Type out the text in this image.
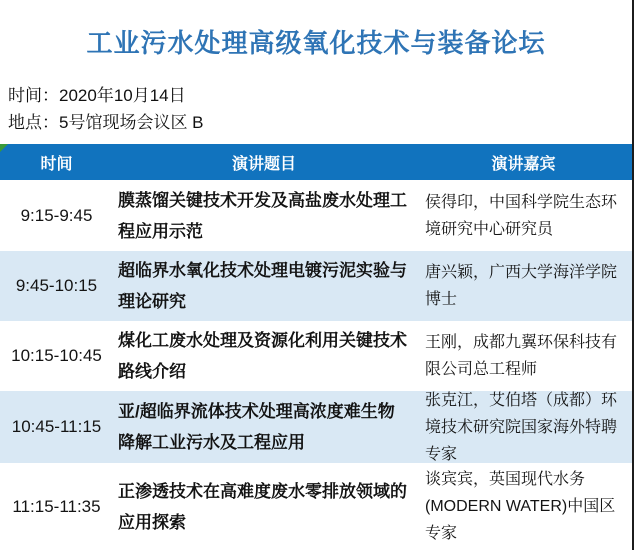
工业污水处理高级氧化技术与装备论坛
时间：2020年10月14日
地点：5号馆现场会议区 B
时间	演讲题目	演讲嘉宾
9:15-9:45
膜蒸馏关键技术开发及高盐废水处理工程应用示范
侯得印，中国科学院生态环境研究中心研究员
9:45-10:15
超临界水氧化技术处理电镀污泥实验与理论研究
唐兴颖，广西大学海洋学院博士
10:15-10:45
煤化工废水处理及资源化利用关键技术路线介绍
王刚，成都九翼环保科技有限公司总工程师
10:45-11:15
亚/超临界流体技术处理高浓度难生物降解工业污水及工程应用
张克江，艾伯塔（成都）环境技术研究院国家海外特聘专家
11:15-11:35
正渗透技术在高难度废水零排放领域的应用探索
谈宾宾，英国现代水务(MODERN WATER)中国区专家
